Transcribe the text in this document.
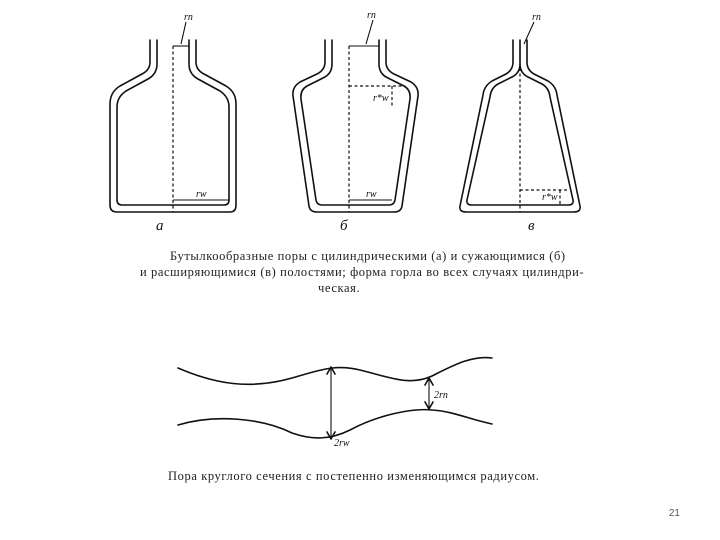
rп
rw
а
rп
r*w
rw
б
rп
r*w
в
2rп
2rw
Бутылкообразные поры с цилиндрическими (а) и сужающимися (б)
и расширяющимися (в) полостями; форма горла во всех случаях цилиндри-
ческая.
Пора круглого сечения с постепенно изменяющимся радиусом.
21
